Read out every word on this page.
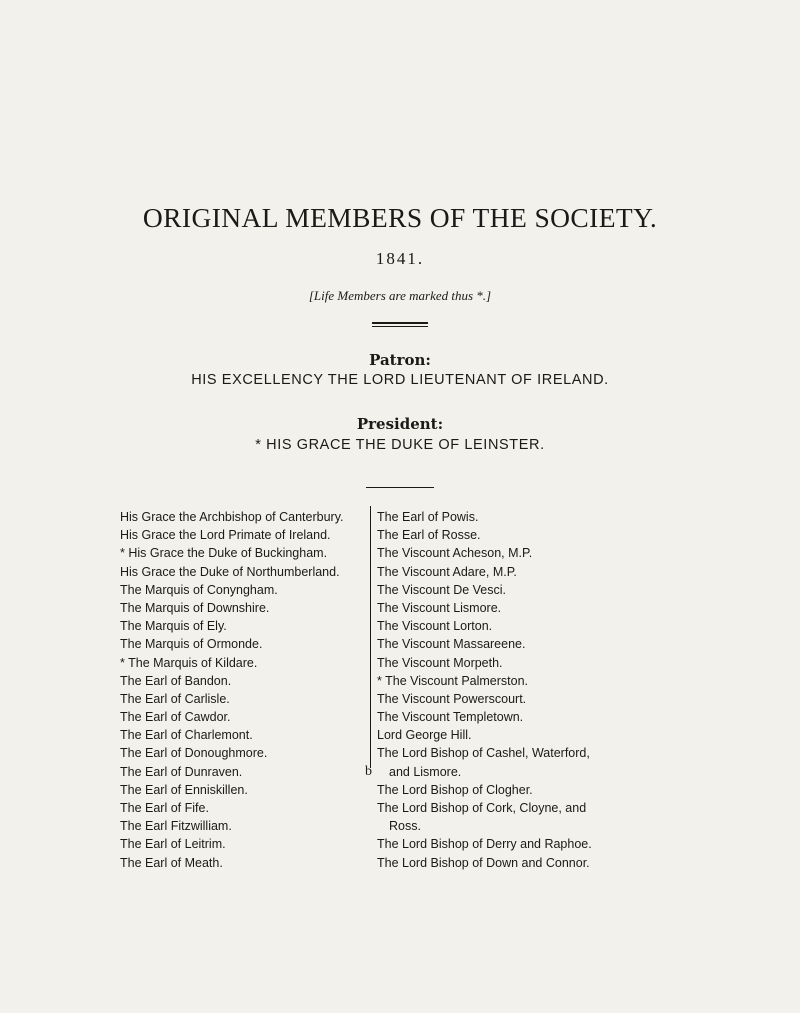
ORIGINAL MEMBERS OF THE SOCIETY.
1841.
[Life Members are marked thus *.]
Patron:
HIS EXCELLENCY THE LORD LIEUTENANT OF IRELAND.
President:
* HIS GRACE THE DUKE OF LEINSTER.
His Grace the Archbishop of Canterbury.
His Grace the Lord Primate of Ireland.
* His Grace the Duke of Buckingham.
His Grace the Duke of Northumberland.
The Marquis of Conyngham.
The Marquis of Downshire.
The Marquis of Ely.
The Marquis of Ormonde.
* The Marquis of Kildare.
The Earl of Bandon.
The Earl of Carlisle.
The Earl of Cawdor.
The Earl of Charlemont.
The Earl of Donoughmore.
The Earl of Dunraven.
The Earl of Enniskillen.
The Earl of Fife.
The Earl Fitzwilliam.
The Earl of Leitrim.
The Earl of Meath.
The Earl of Powis.
The Earl of Rosse.
The Viscount Acheson, M.P.
The Viscount Adare, M.P.
The Viscount De Vesci.
The Viscount Lismore.
The Viscount Lorton.
The Viscount Massareene.
The Viscount Morpeth.
* The Viscount Palmerston.
The Viscount Powerscourt.
The Viscount Templetown.
Lord George Hill.
The Lord Bishop of Cashel, Waterford,
and Lismore.
The Lord Bishop of Clogher.
The Lord Bishop of Cork, Cloyne, and
Ross.
The Lord Bishop of Derry and Raphoe.
The Lord Bishop of Down and Connor.
b
